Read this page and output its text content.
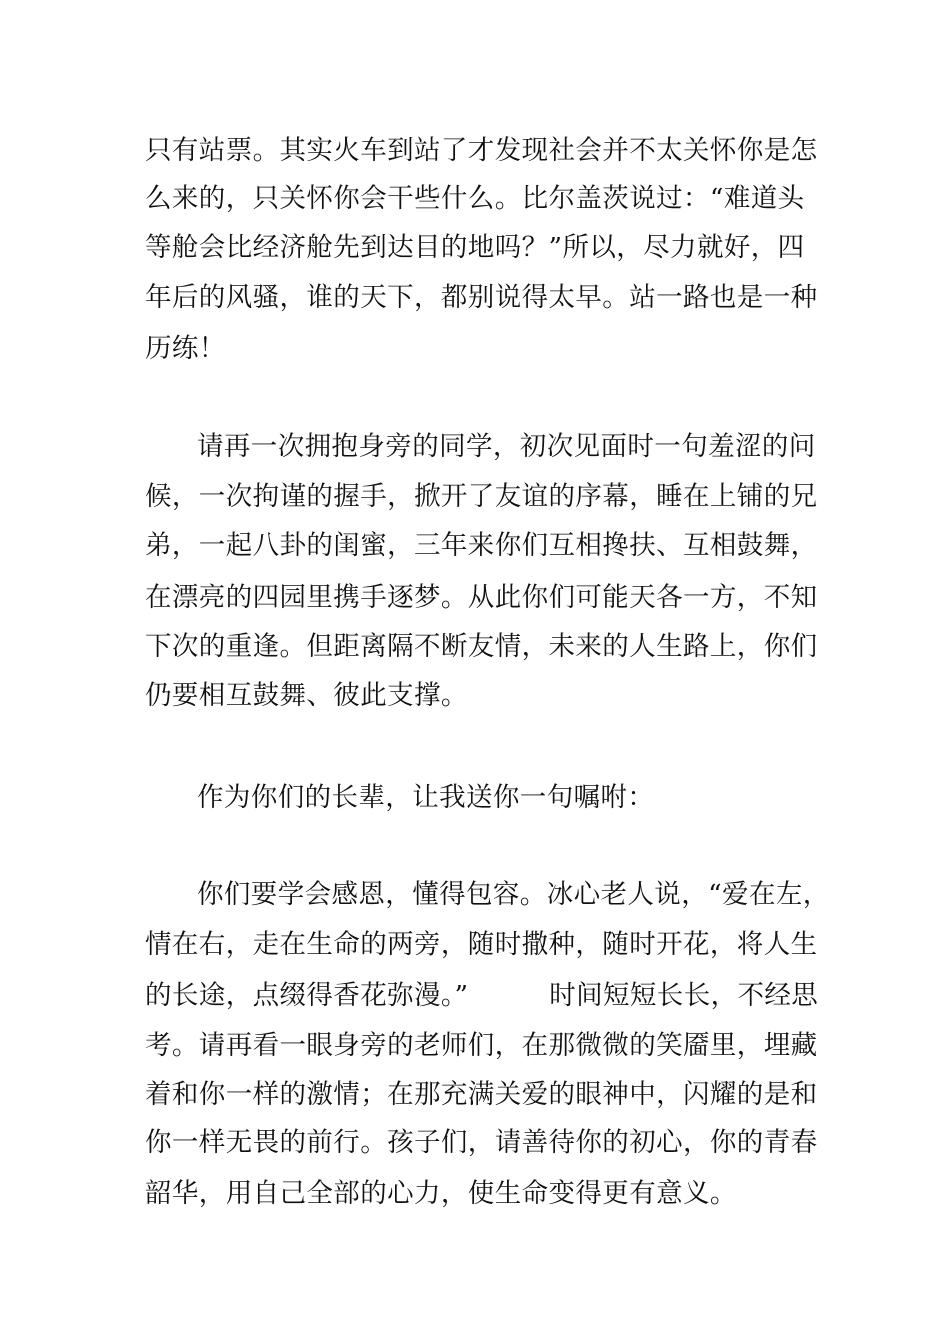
只有站票。其实火车到站了才发现社会并不太关怀你是怎
么来的，只关怀你会干些什么。比尔盖茨说过：“难道头
等舱会比经济舱先到达目的地吗？”所以，尽力就好，四
年后的风骚，谁的天下，都别说得太早。站一路也是一种
历练！
请再一次拥抱身旁的同学，初次见面时一句羞涩的问
候，一次拘谨的握手，掀开了友谊的序幕，睡在上铺的兄
弟，一起八卦的闺蜜，三年来你们互相搀扶、互相鼓舞，
在漂亮的四园里携手逐梦。从此你们可能天各一方，不知
下次的重逢。但距离隔不断友情，未来的人生路上，你们
仍要相互鼓舞、彼此支撑。
作为你们的长辈，让我送你一句嘱咐：
你们要学会感恩，懂得包容。冰心老人说，“爱在左，
情在右，走在生命的两旁，随时撒种，随时开花，将人生
的长途，点缀得香花弥漫。”　　　时间短短长长，不经思
考。请再看一眼身旁的老师们，在那微微的笑靥里，埋藏
着和你一样的激情；在那充满关爱的眼神中，闪耀的是和
你一样无畏的前行。孩子们，请善待你的初心，你的青春
韶华，用自己全部的心力，使生命变得更有意义。
